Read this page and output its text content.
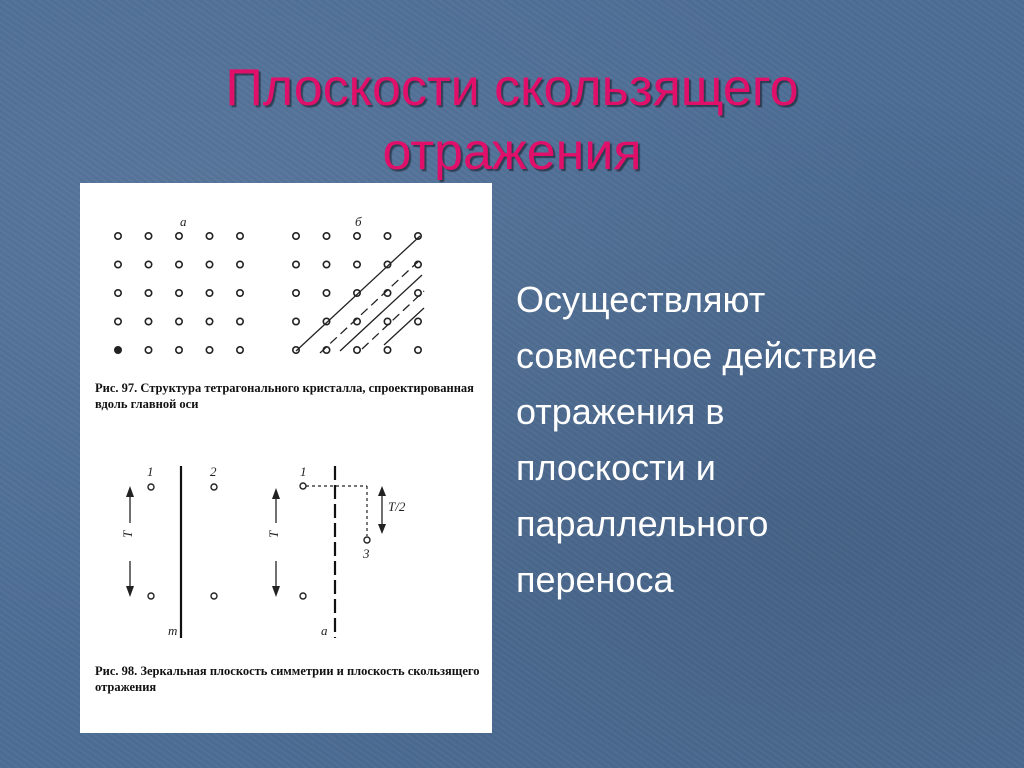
Плоскости скользящего
отражения
а	б
1	2
T
m
1
T
T/2
3
a
Рис. 97. Структура тетрагонального кристалла, спроектированная вдоль главной оси
Рис. 98. Зеркальная плоскость симметрии и плоскость скользящего отражения

Осуществляют
совместное действие
отражения в
плоскости и
параллельного
переноса
